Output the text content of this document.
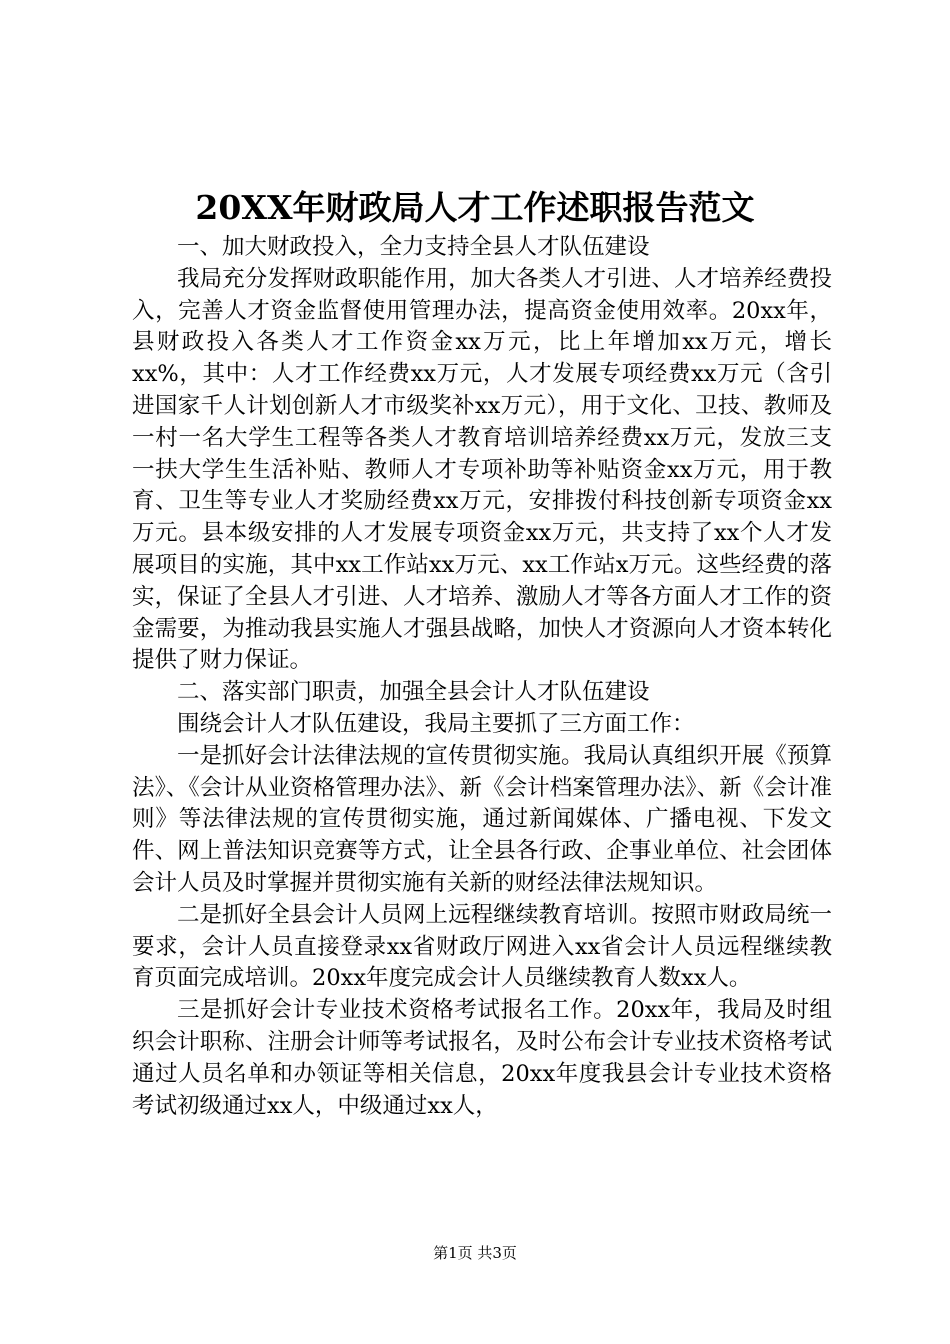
20XX年财政局人才工作述职报告范文

一、加大财政投入，全力支持全县人才队伍建设

我局充分发挥财政职能作用，加大各类人才引进、人才培养经费投入，完善人才资金监督使用管理办法，提高资金使用效率。20xx年，县财政投入各类人才工作资金xx万元，比上年增加xx万元，增长xx%，其中：人才工作经费xx万元，人才发展专项经费xx万元（含引进国家千人计划创新人才市级奖补xx万元），用于文化、卫技、教师及一村一名大学生工程等各类人才教育培训培养经费xx万元，发放三支一扶大学生生活补贴、教师人才专项补助等补贴资金xx万元，用于教育、卫生等专业人才奖励经费xx万元，安排拨付科技创新专项资金xx万元。县本级安排的人才发展专项资金xx万元，共支持了xx个人才发展项目的实施，其中xx工作站xx万元、xx工作站x万元。这些经费的落实，保证了全县人才引进、人才培养、激励人才等各方面人才工作的资金需要，为推动我县实施人才强县战略，加快人才资源向人才资本转化提供了财力保证。

二、落实部门职责，加强全县会计人才队伍建设

围绕会计人才队伍建设，我局主要抓了三方面工作：

一是抓好会计法律法规的宣传贯彻实施。我局认真组织开展《预算法》、《会计从业资格管理办法》、新《会计档案管理办法》、新《会计准则》等法律法规的宣传贯彻实施，通过新闻媒体、广播电视、下发文件、网上普法知识竞赛等方式，让全县各行政、企事业单位、社会团体会计人员及时掌握并贯彻实施有关新的财经法律法规知识。

二是抓好全县会计人员网上远程继续教育培训。按照市财政局统一要求，会计人员直接登录xx省财政厅网进入xx省会计人员远程继续教育页面完成培训。20xx年度完成会计人员继续教育人数xx人。

三是抓好会计专业技术资格考试报名工作。20xx年，我局及时组织会计职称、注册会计师等考试报名，及时公布会计专业技术资格考试通过人员名单和办领证等相关信息，20xx年度我县会计专业技术资格考试初级通过xx人，中级通过xx人，

第1页 共3页
